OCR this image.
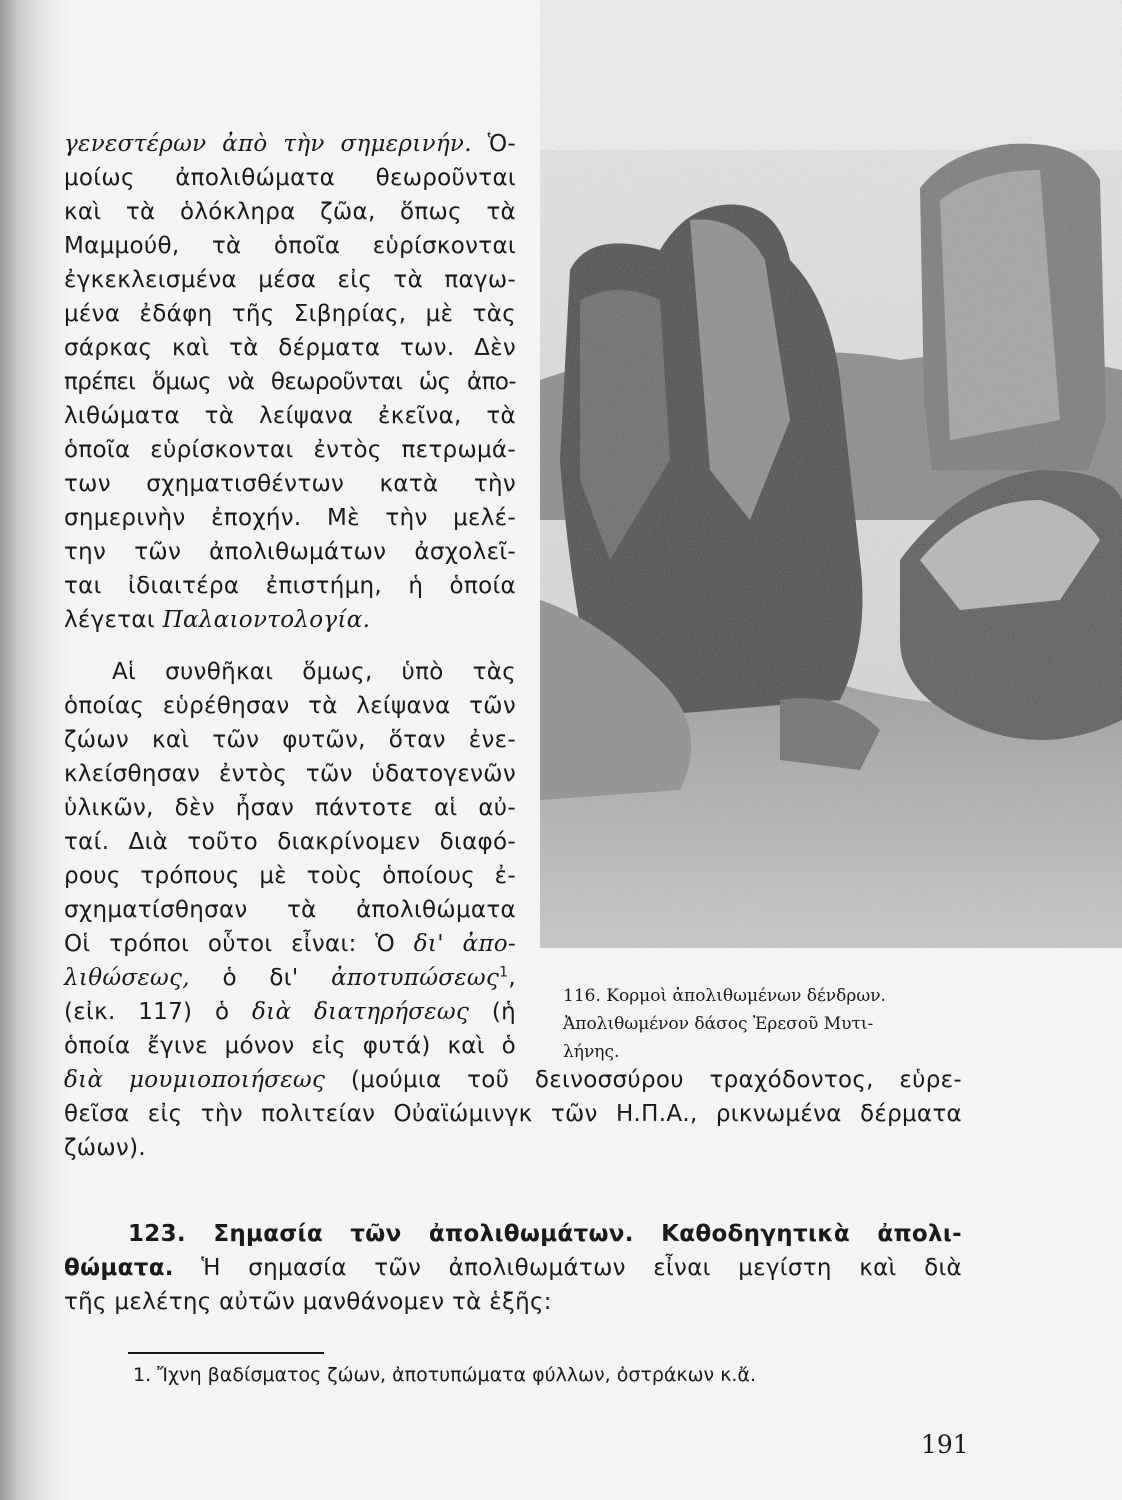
γενεστέρων ἀπὸ τὴν σημερινήν. Ὁ-
μοίως ἀπολιθώματα θεωροῦνται
καὶ τὰ ὁλόκληρα ζῶα, ὅπως τὰ
Μαμμούθ, τὰ ὁποῖα εὑρίσκονται
ἐγκεκλεισμένα μέσα εἰς τὰ παγω-
μένα ἐδάφη τῆς Σιβηρίας, μὲ τὰς
σάρκας καὶ τὰ δέρματα των. Δὲν
πρέπει ὅμως νὰ θεωροῦνται ὡς ἀπο-
λιθώματα τὰ λείψανα ἐκεῖνα, τὰ
ὁποῖα εὑρίσκονται ἐντὸς πετρωμά-
των σχηματισθέντων κατὰ τὴν
σημερινὴν ἐποχήν. Μὲ τὴν μελέ-
την τῶν ἀπολιθωμάτων ἀσχολεῖ-
ται ἰδιαιτέρα ἐπιστήμη, ἡ ὁποία
λέγεται Παλαιοντολογία.
Αἱ συνθῆκαι ὅμως, ὑπὸ τὰς
ὁποίας εὑρέθησαν τὰ λείψανα τῶν
ζώων καὶ τῶν φυτῶν, ὅταν ἐνε-
κλείσθησαν ἐντὸς τῶν ὑδατογενῶν
ὑλικῶν, δὲν ἦσαν πάντοτε αἱ αὐ-
ταί. Διὰ τοῦτο διακρίνομεν διαφό-
ρους τρόπους μὲ τοὺς ὁποίους ἐ-
σχηματίσθησαν τὰ ἀπολιθώματα
Οἱ τρόποι οὗτοι εἶναι: Ὁ δι' ἀπο-
λιθώσεως, ὁ δι' ἀποτυπώσεως$^1$,
(εἰκ. 117) ὁ διὰ διατηρήσεως (ἡ
ὁποία ἔγινε μόνον εἰς φυτά) καὶ ὁ
διὰ μουμιοποιήσεως (μούμια τοῦ δεινοσσύρου τραχόδοντος, εὑρε-
θεῖσα εἰς τὴν πολιτείαν Οὐαϊώμινγκ τῶν Η.Π.Α., ρικνωμένα δέρματα
ζώων).
123. Σημασία τῶν ἀπολιθωμάτων. Καθοδηγητικὰ ἀπολι-
θώματα. Ἡ σημασία τῶν ἀπολιθωμάτων εἶναι μεγίστη καὶ διὰ
τῆς μελέτης αὐτῶν μανθάνομεν τὰ ἑξῆς:
116. Κορμοὶ ἀπολιθωμένων δένδρων.
Ἀπολιθωμένον δάσος Ἐρεσοῦ Μυτι-
λήνης.
1. Ἴχνη βαδίσματος ζώων, ἀποτυπώματα φύλλων, ὀστράκων κ.ἄ.
191
